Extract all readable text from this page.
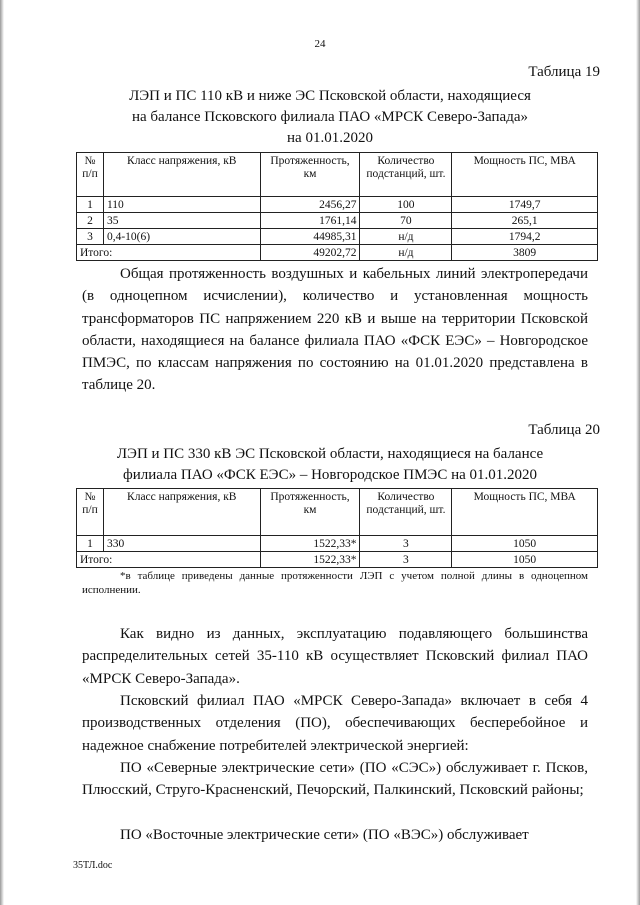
24
Таблица 19
ЛЭП и ПС 110 кВ и ниже ЭС Псковской области, находящиеся
на балансе Псковского филиала ПАО «МРСК Северо-Запада»
на 01.01.2020
№ п/п	Класс напряжения, кВ	Протяженность, км	Количество подстанций, шт.	Мощность ПС, МВА
1	110	2456,27	100	1749,7
2	35	1761,14	70	265,1
3	0,4-10(6)	44985,31	н/д	1794,2
Итого:		49202,72	н/д	3809
Общая протяженность воздушных и кабельных линий электропередачи (в одноцепном исчислении), количество и установленная мощность трансформаторов ПС напряжением 220 кВ и выше на территории Псковской области, находящиеся на балансе филиала ПАО «ФСК ЕЭС» – Новгородское ПМЭС, по классам напряжения по состоянию на 01.01.2020 представлена в таблице 20.
Таблица 20
ЛЭП и ПС 330 кВ ЭС Псковской области, находящиеся на балансе
филиала ПАО «ФСК ЕЭС» – Новгородское ПМЭС на 01.01.2020
№ п/п	Класс напряжения, кВ	Протяженность, км	Количество подстанций, шт.	Мощность ПС, МВА
1	330	1522,33*	3	1050
Итого:		1522,33*	3	1050
*в таблице приведены данные протяженности ЛЭП с учетом полной длины в одноцепном исполнении.
Как видно из данных, эксплуатацию подавляющего большинства распределительных сетей 35-110 кВ осуществляет Псковский филиал ПАО «МРСК Северо-Запада».
Псковский филиал ПАО «МРСК Северо-Запада» включает в себя 4 производственных отделения (ПО), обеспечивающих бесперебойное и надежное снабжение потребителей электрической энергией:
ПО «Северные электрические сети» (ПО «СЭС») обслуживает г. Псков, Плюсский, Струго-Красненский, Печорский, Палкинский, Псковский районы;
ПО «Восточные электрические сети» (ПО «ВЭС») обслуживает
35ТЛ.doc
